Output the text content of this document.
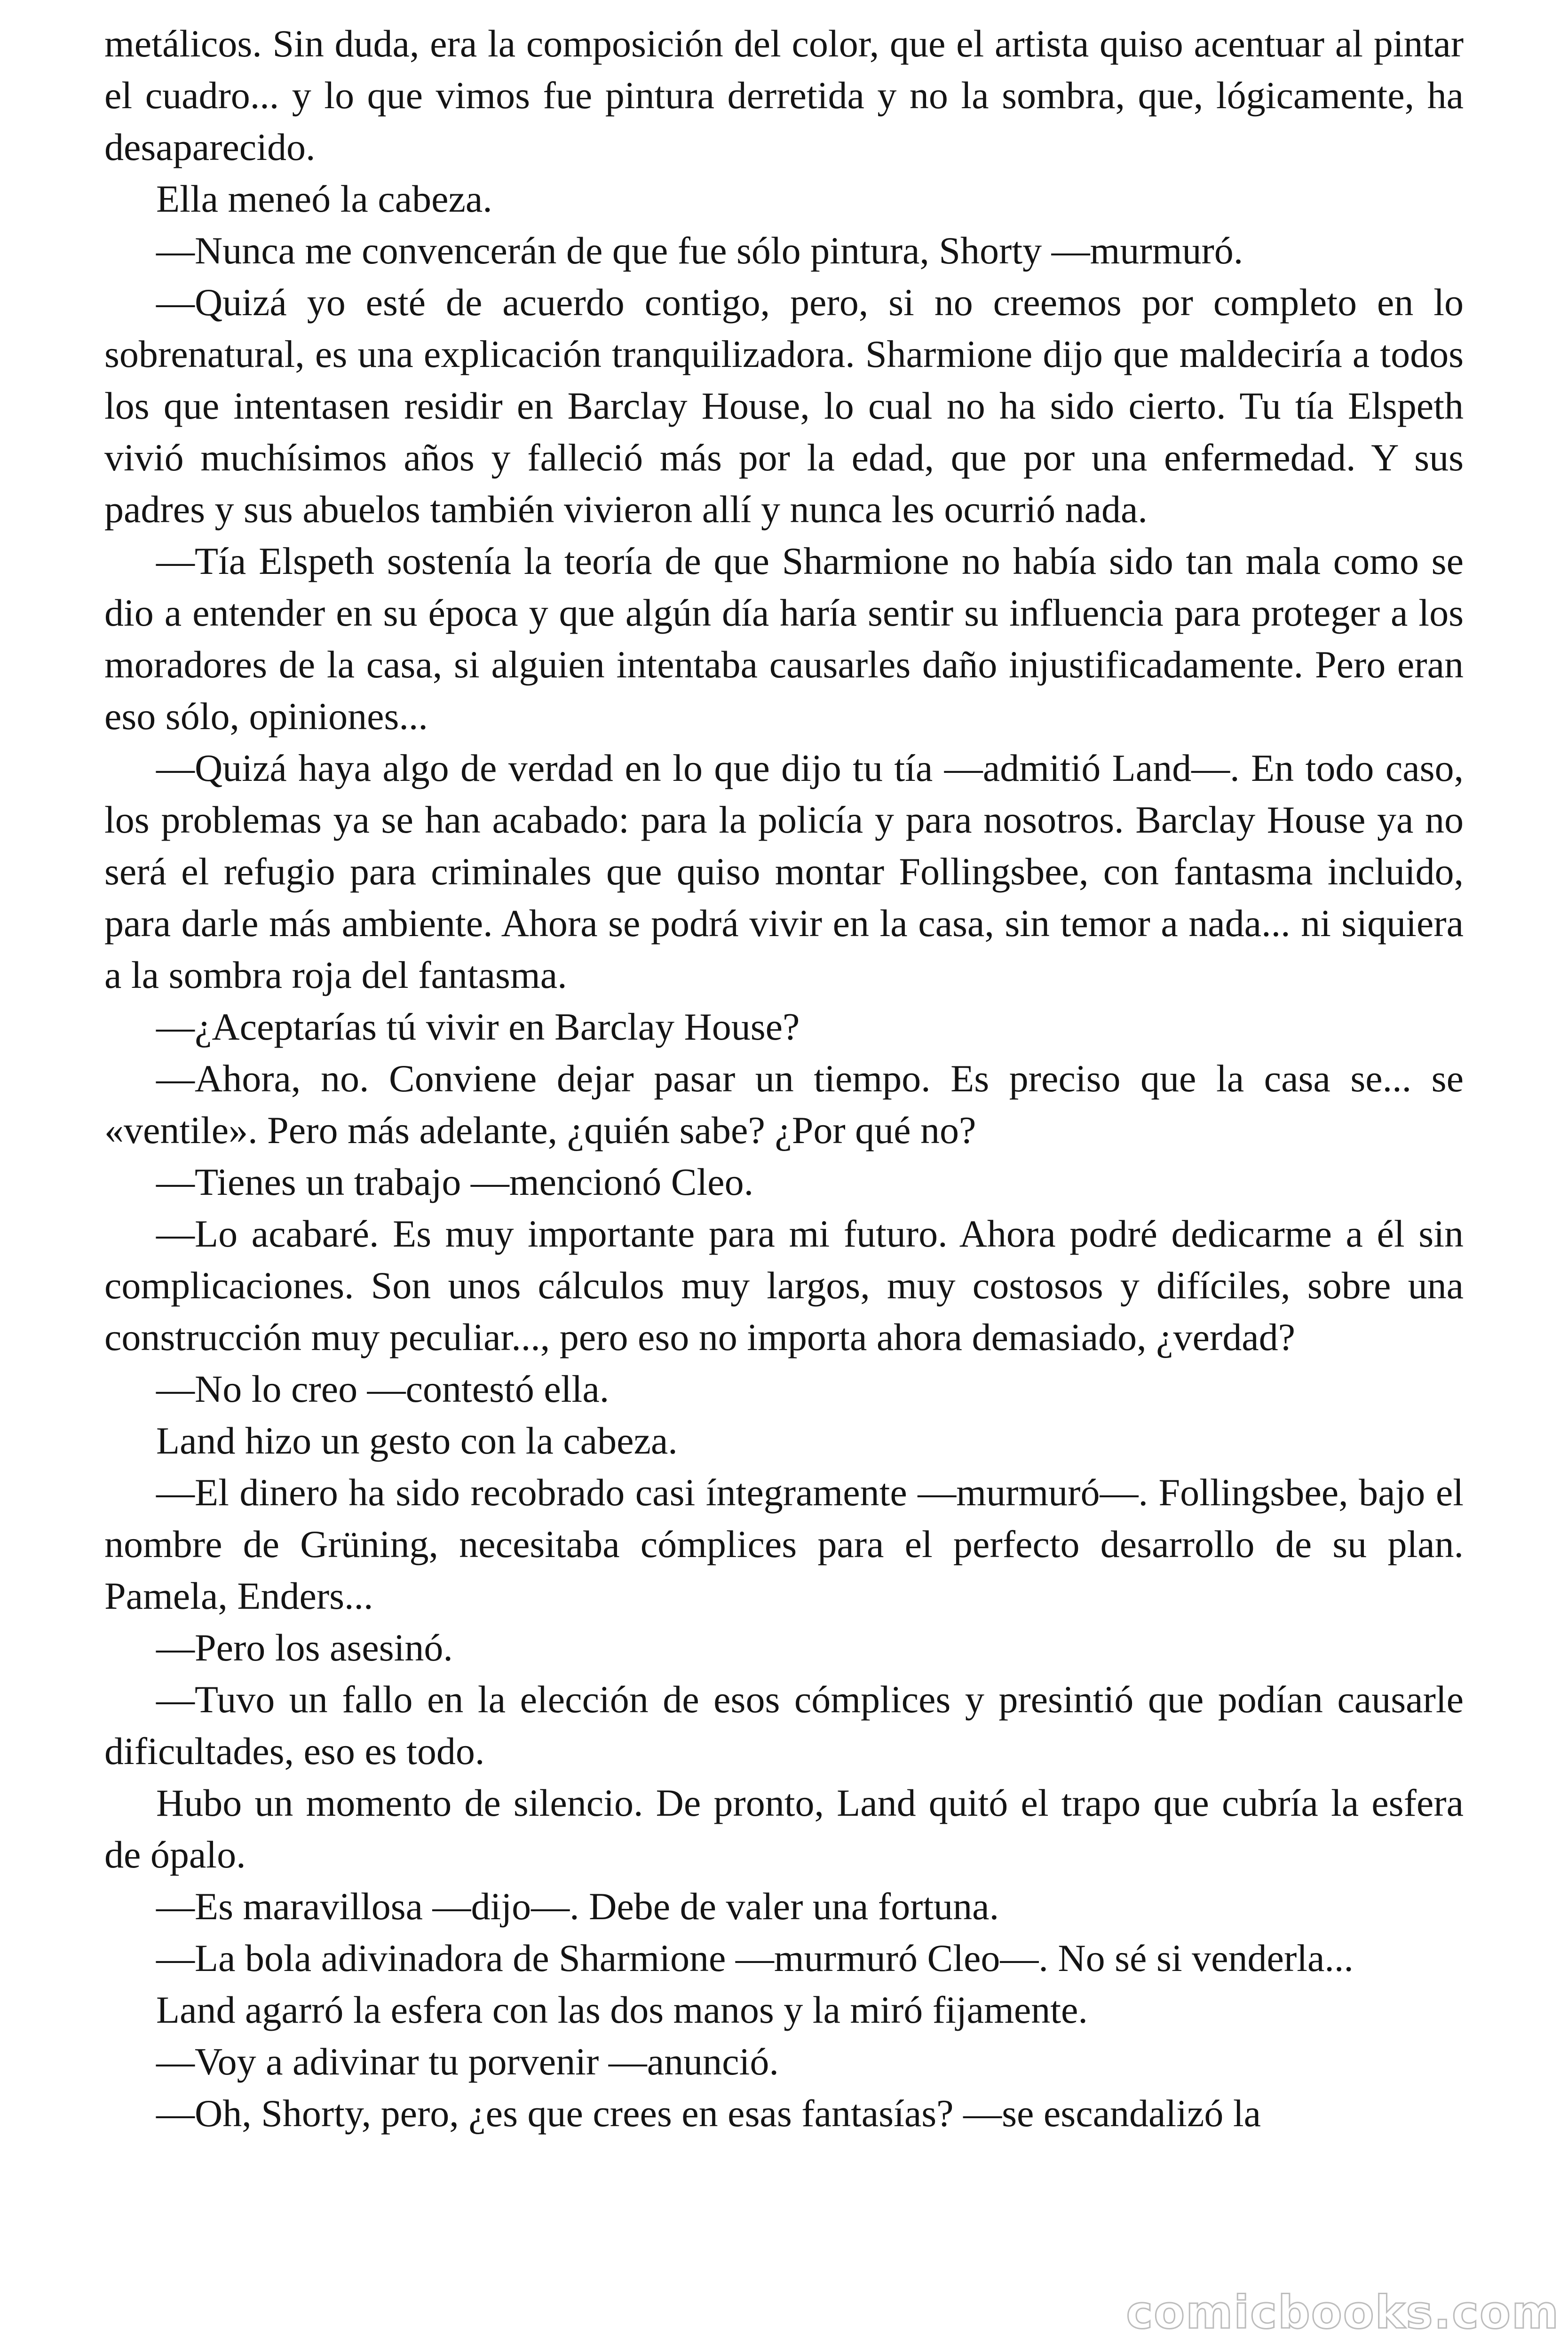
metálicos. Sin duda, era la composición del color, que el artista quiso acentuar al pintar el cuadro... y lo que vimos fue pintura derretida y no la sombra, que, lógicamente, ha desaparecido.

Ella meneó la cabeza.

—Nunca me convencerán de que fue sólo pintura, Shorty —murmuró.

—Quizá yo esté de acuerdo contigo, pero, si no creemos por completo en lo sobrenatural, es una explicación tranquilizadora. Sharmione dijo que maldeciría a todos los que intentasen residir en Barclay House, lo cual no ha sido cierto. Tu tía Elspeth vivió muchísimos años y falleció más por la edad, que por una enfermedad. Y sus padres y sus abuelos también vivieron allí y nunca les ocurrió nada.

—Tía Elspeth sostenía la teoría de que Sharmione no había sido tan mala como se dio a entender en su época y que algún día haría sentir su influencia para proteger a los moradores de la casa, si alguien intentaba causarles daño injustificadamente. Pero eran eso sólo, opiniones...

—Quizá haya algo de verdad en lo que dijo tu tía —admitió Land—. En todo caso, los problemas ya se han acabado: para la policía y para nosotros. Barclay House ya no será el refugio para criminales que quiso montar Follingsbee, con fantasma incluido, para darle más ambiente. Ahora se podrá vivir en la casa, sin temor a nada... ni siquiera a la sombra roja del fantasma.

—¿Aceptarías tú vivir en Barclay House?

—Ahora, no. Conviene dejar pasar un tiempo. Es preciso que la casa se... se «ventile». Pero más adelante, ¿quién sabe? ¿Por qué no?

—Tienes un trabajo —mencionó Cleo.

—Lo acabaré. Es muy importante para mi futuro. Ahora podré dedicarme a él sin complicaciones. Son unos cálculos muy largos, muy costosos y difíciles, sobre una construcción muy peculiar..., pero eso no importa ahora demasiado, ¿verdad?

—No lo creo —contestó ella.

Land hizo un gesto con la cabeza.

—El dinero ha sido recobrado casi íntegramente —murmuró—. Follingsbee, bajo el nombre de Grüning, necesitaba cómplices para el perfecto desarrollo de su plan. Pamela, Enders...

—Pero los asesinó.

—Tuvo un fallo en la elección de esos cómplices y presintió que podían causarle dificultades, eso es todo.

Hubo un momento de silencio. De pronto, Land quitó el trapo que cubría la esfera de ópalo.

—Es maravillosa —dijo—. Debe de valer una fortuna.

—La bola adivinadora de Sharmione —murmuró Cleo—. No sé si venderla...

Land agarró la esfera con las dos manos y la miró fijamente.

—Voy a adivinar tu porvenir —anunció.

—Oh, Shorty, pero, ¿es que crees en esas fantasías? —se escandalizó la

comicbooks.com
